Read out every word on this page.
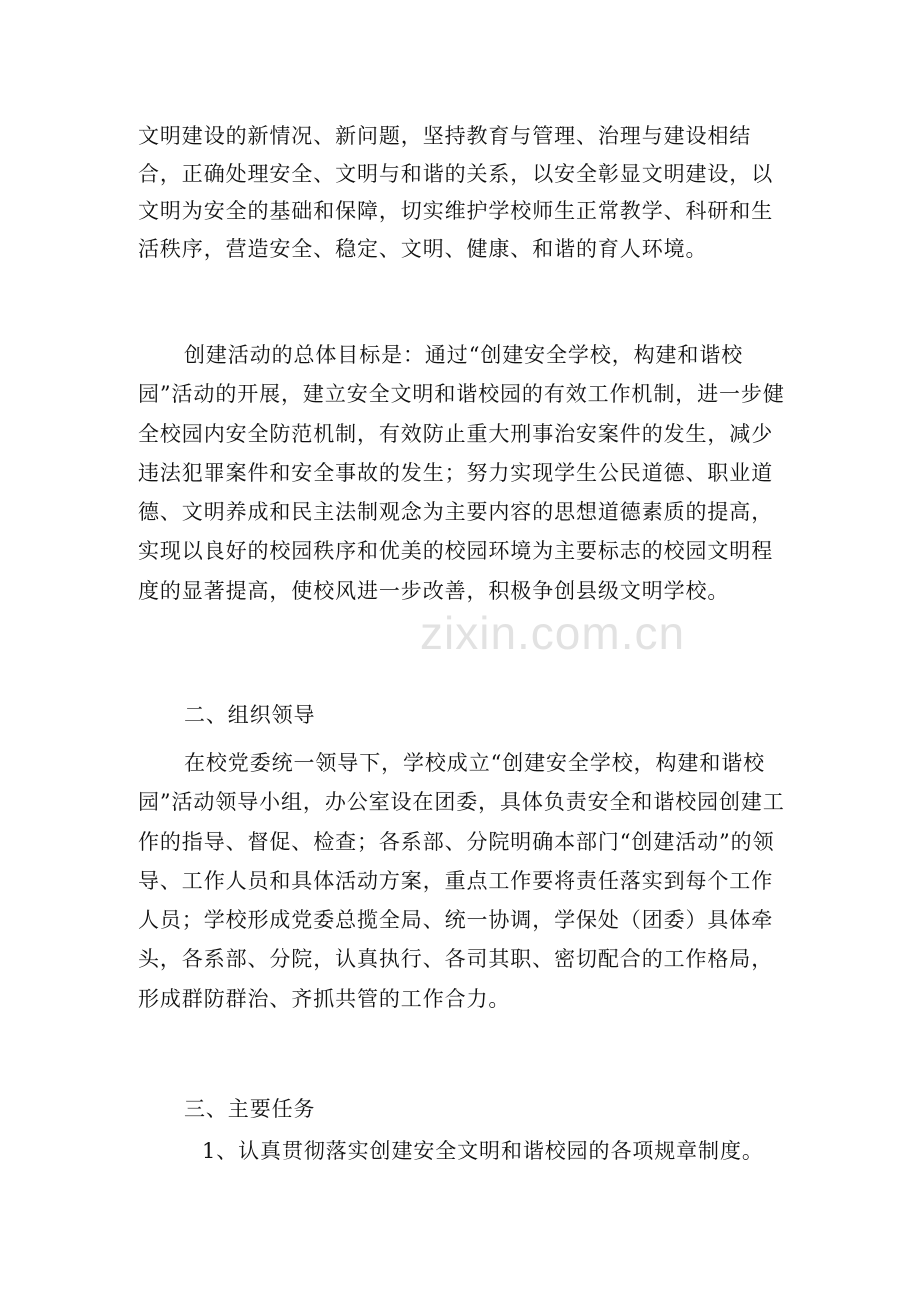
文明建设的新情况、新问题，坚持教育与管理、治理与建设相结合，正确处理安全、文明与和谐的关系，以安全彰显文明建设，以文明为安全的基础和保障，切实维护学校师生正常教学、科研和生活秩序，营造安全、稳定、文明、健康、和谐的育人环境。

创建活动的总体目标是：通过“创建安全学校，构建和谐校园”活动的开展，建立安全文明和谐校园的有效工作机制，进一步健全校园内安全防范机制，有效防止重大刑事治安案件的发生，减少违法犯罪案件和安全事故的发生；努力实现学生公民道德、职业道德、文明养成和民主法制观念为主要内容的思想道德素质的提高，实现以良好的校园秩序和优美的校园环境为主要标志的校园文明程度的显著提高，使校风进一步改善，积极争创县级文明学校。

二、组织领导

在校党委统一领导下，学校成立“创建安全学校，构建和谐校园”活动领导小组，办公室设在团委，具体负责安全和谐校园创建工作的指导、督促、检查；各系部、分院明确本部门“创建活动”的领导、工作人员和具体活动方案，重点工作要将责任落实到每个工作人员；学校形成党委总揽全局、统一协调，学保处（团委）具体牵头，各系部、分院，认真执行、各司其职、密切配合的工作格局，形成群防群治、齐抓共管的工作合力。

三、主要任务

1、认真贯彻落实创建安全文明和谐校园的各项规章制度。

zixin.com.cn
